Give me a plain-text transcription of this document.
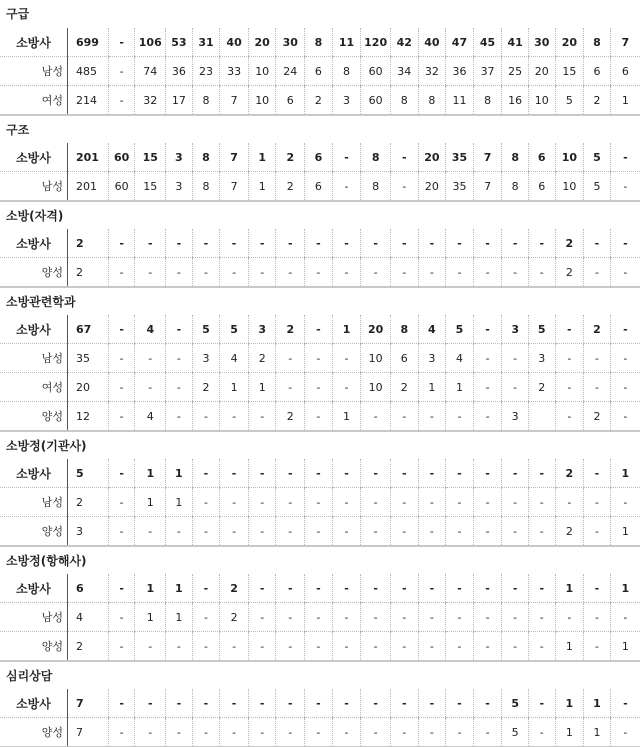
구급
소방사	699	-	106	53	31	40	20	30	8	11	120	42	40	47	45	41	30	20	8	7
남성	485	-	74	36	23	33	10	24	6	8	60	34	32	36	37	25	20	15	6	6
여성	214	-	32	17	8	7	10	6	2	3	60	8	8	11	8	16	10	5	2	1
구조
소방사	201	60	15	3	8	7	1	2	6	-	8	-	20	35	7	8	6	10	5	-
남성	201	60	15	3	8	7	1	2	6	-	8	-	20	35	7	8	6	10	5	-
소방(자격)
소방사	2	-	-	-	-	-	-	-	-	-	-	-	-	-	-	-	-	2	-	-
양성	2	-	-	-	-	-	-	-	-	-	-	-	-	-	-	-	-	2	-	-
소방관련학과
소방사	67	-	4	-	5	5	3	2	-	1	20	8	4	5	-	3	5	-	2	-
남성	35	-	-	-	3	4	2	-	-	-	10	6	3	4	-	-	3	-	-	-
여성	20	-	-	-	2	1	1	-	-	-	10	2	1	1	-	-	2	-	-	-
양성	12	-	4	-	-	-	-	2	-	1	-	-	-	-	-	3		-	2	-
소방정(기관사)
소방사	5	-	1	1	-	-	-	-	-	-	-	-	-	-	-	-	-	2	-	1
남성	2	-	1	1	-	-	-	-	-	-	-	-	-	-	-	-	-	-	-	-
양성	3	-	-	-	-	-	-	-	-	-	-	-	-	-	-	-	-	2	-	1
소방정(항해사)
소방사	6	-	1	1	-	2	-	-	-	-	-	-	-	-	-	-	-	1	-	1
남성	4	-	1	1	-	2	-	-	-	-	-	-	-	-	-	-	-	-	-	-
양성	2	-	-	-	-	-	-	-	-	-	-	-	-	-	-	-	-	1	-	1
심리상담
소방사	7	-	-	-	-	-	-	-	-	-	-	-	-	-	-	5	-	1	1	-
양성	7	-	-	-	-	-	-	-	-	-	-	-	-	-	-	5	-	1	1	-
